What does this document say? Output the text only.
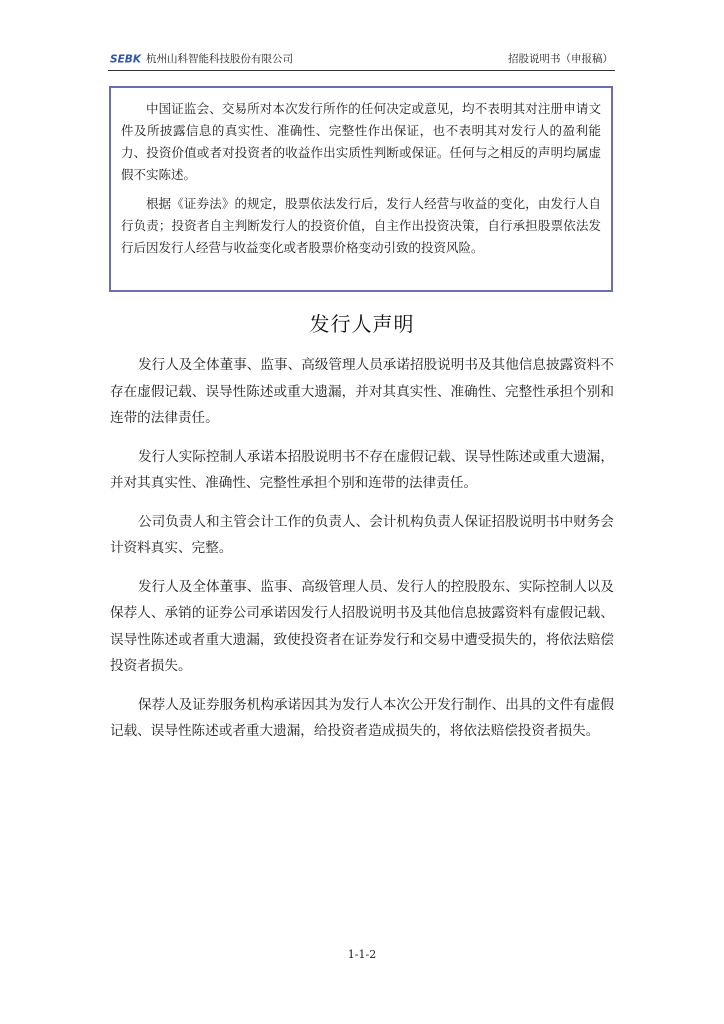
SEBK 杭州山科智能科技股份有限公司	招股说明书（申报稿）

中国证监会、交易所对本次发行所作的任何决定或意见，均不表明其对注册申请文件及所披露信息的真实性、准确性、完整性作出保证，也不表明其对发行人的盈利能力、投资价值或者对投资者的收益作出实质性判断或保证。任何与之相反的声明均属虚假不实陈述。

根据《证券法》的规定，股票依法发行后，发行人经营与收益的变化，由发行人自行负责；投资者自主判断发行人的投资价值，自主作出投资决策，自行承担股票依法发行后因发行人经营与收益变化或者股票价格变动引致的投资风险。

发行人声明

发行人及全体董事、监事、高级管理人员承诺招股说明书及其他信息披露资料不存在虚假记载、误导性陈述或重大遗漏，并对其真实性、准确性、完整性承担个别和连带的法律责任。

发行人实际控制人承诺本招股说明书不存在虚假记载、误导性陈述或重大遗漏，并对其真实性、准确性、完整性承担个别和连带的法律责任。

公司负责人和主管会计工作的负责人、会计机构负责人保证招股说明书中财务会计资料真实、完整。

发行人及全体董事、监事、高级管理人员、发行人的控股股东、实际控制人以及保荐人、承销的证券公司承诺因发行人招股说明书及其他信息披露资料有虚假记载、误导性陈述或者重大遗漏，致使投资者在证券发行和交易中遭受损失的，将依法赔偿投资者损失。

保荐人及证券服务机构承诺因其为发行人本次公开发行制作、出具的文件有虚假记载、误导性陈述或者重大遗漏，给投资者造成损失的，将依法赔偿投资者损失。

1-1-2
